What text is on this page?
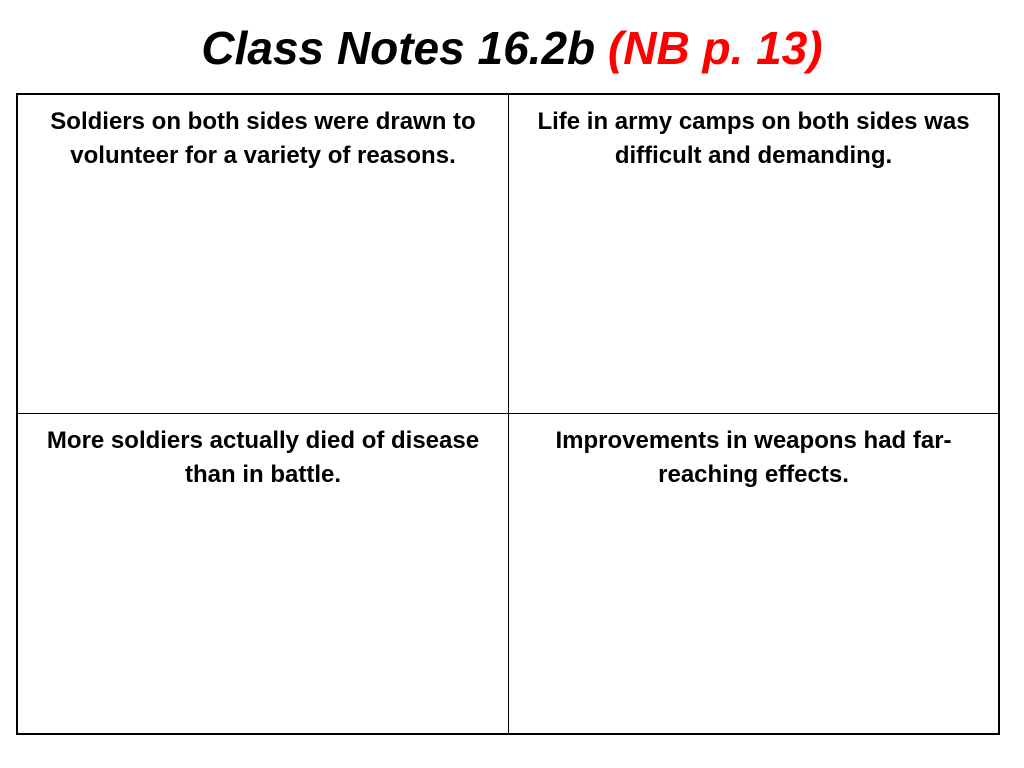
Class Notes 16.2b (NB p. 13)
Soldiers on both sides were drawn to volunteer for a variety of reasons.
Life in army camps on both sides was difficult and demanding.
More soldiers actually died of disease than in battle.
Improvements in weapons had far-reaching effects.
